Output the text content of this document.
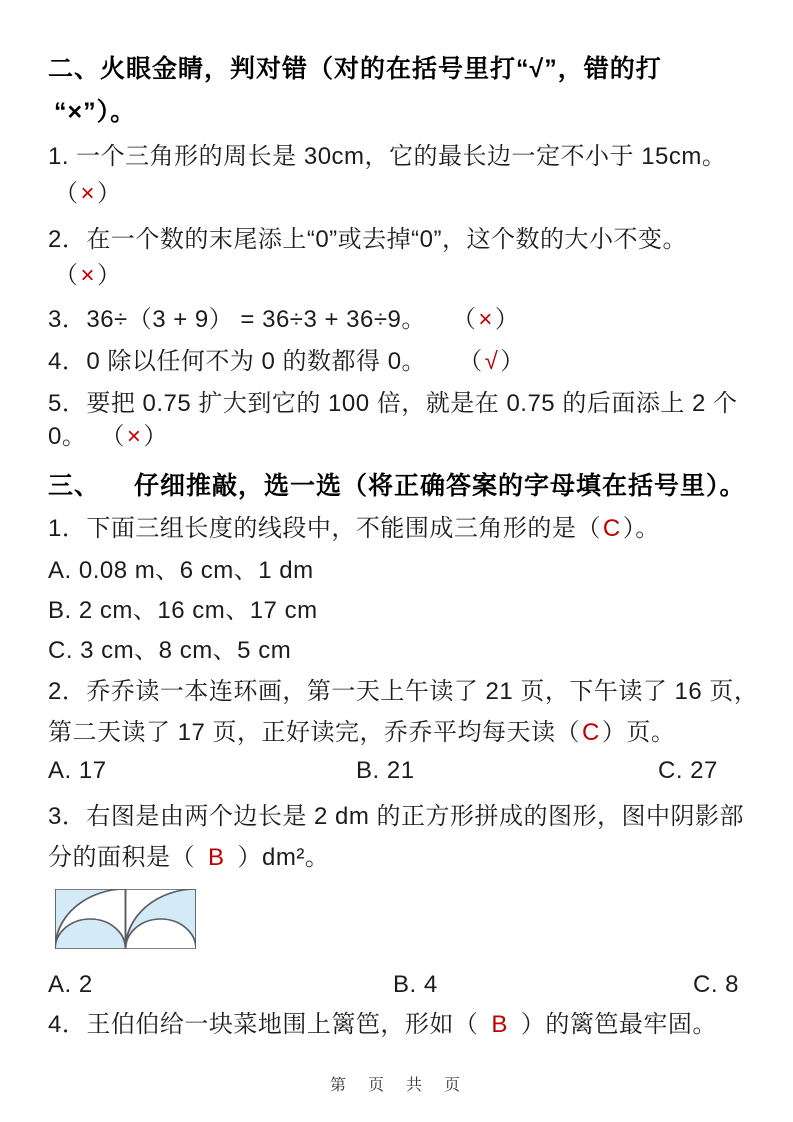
二、火眼金睛，判对错（对的在括号里打“√”，错的打
“×”）。
1. 一个三角形的周长是 30cm，它的最长边一定不小于 15cm。
（×）
2．在一个数的末尾添上“0”或去掉“0”，这个数的大小不变。
（×）
3．36÷（3 + 9） = 36÷3 + 36÷9。 （×）
4．0 除以任何不为 0 的数都得 0。 （√）
5．要把 0.75 扩大到它的 100 倍，就是在 0.75 的后面添上 2 个
0。 （×）
三、 仔细推敲，选一选（将正确答案的字母填在括号里）。
1．下面三组长度的线段中，不能围成三角形的是（C）。
A. 0.08 m、6 cm、1 dm
B. 2 cm、16 cm、17 cm
C. 3 cm、8 cm、5 cm
2．乔乔读一本连环画，第一天上午读了 21 页，下午读了 16 页，
第二天读了 17 页，正好读完，乔乔平均每天读（C）页。
A. 17	B. 21	C. 27
3．右图是由两个边长是 2 dm 的正方形拼成的图形，图中阴影部
分的面积是（ B ）dm²。
A. 2	B. 4	C. 8
4．王伯伯给一块菜地围上篱笆，形如（ B ）的篱笆最牢固。
第　页　共　页
